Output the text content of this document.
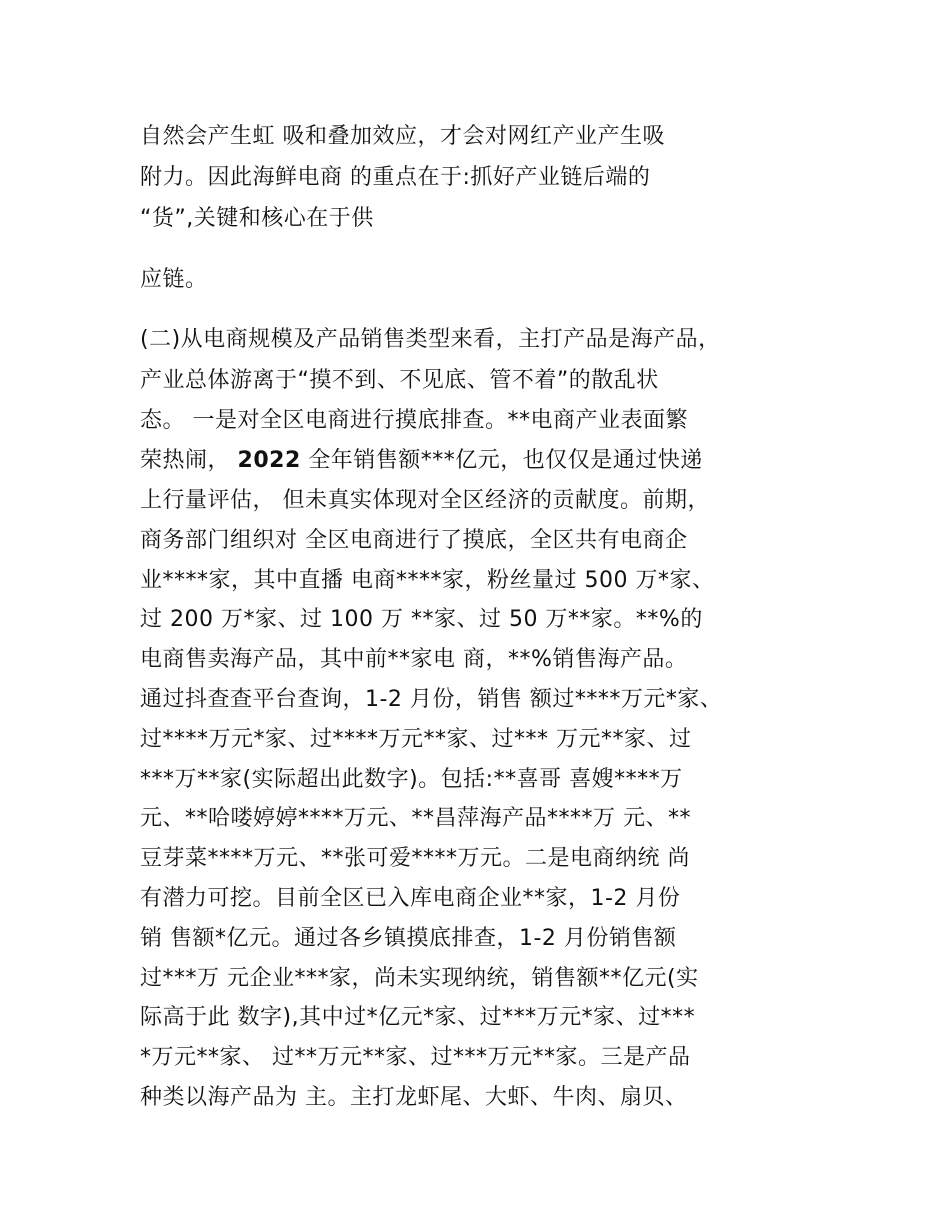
自然会产生虹 吸和叠加效应，才会对网红产业产生吸
附力。因此海鲜电商 的重点在于:抓好产业链后端的
“货”,关键和核心在于供
应链。
(二)从电商规模及产品销售类型来看，主打产品是海产品，
产业总体游离于“摸不到、不见底、管不着”的散乱状
态。 一是对全区电商进行摸底排查。**电商产业表面繁
荣热闹， 2022 全年销售额***亿元，也仅仅是通过快递
上行量评估， 但未真实体现对全区经济的贡献度。前期，
商务部门组织对 全区电商进行了摸底，全区共有电商企
业****家，其中直播 电商****家，粉丝量过 500 万*家、
过 200 万*家、过 100 万 **家、过 50 万**家。**%的
电商售卖海产品，其中前**家电 商，**%销售海产品。
通过抖查查平台查询，1-2 月份，销售 额过****万元*家、
过****万元*家、过****万元**家、过*** 万元**家、过
***万**家(实际超出此数字)。包括:**喜哥 喜嫂****万
元、**哈喽婷婷****万元、**昌萍海产品****万 元、**
豆芽菜****万元、**张可爱****万元。二是电商纳统 尚
有潜力可挖。目前全区已入库电商企业**家，1-2 月份
销 售额*亿元。通过各乡镇摸底排查，1-2 月份销售额
过***万 元企业***家，尚未实现纳统，销售额**亿元(实
际高于此 数字),其中过*亿元*家、过***万元*家、过***
*万元**家、 过**万元**家、过***万元**家。三是产品
种类以海产品为 主。主打龙虾尾、大虾、牛肉、扇贝、
